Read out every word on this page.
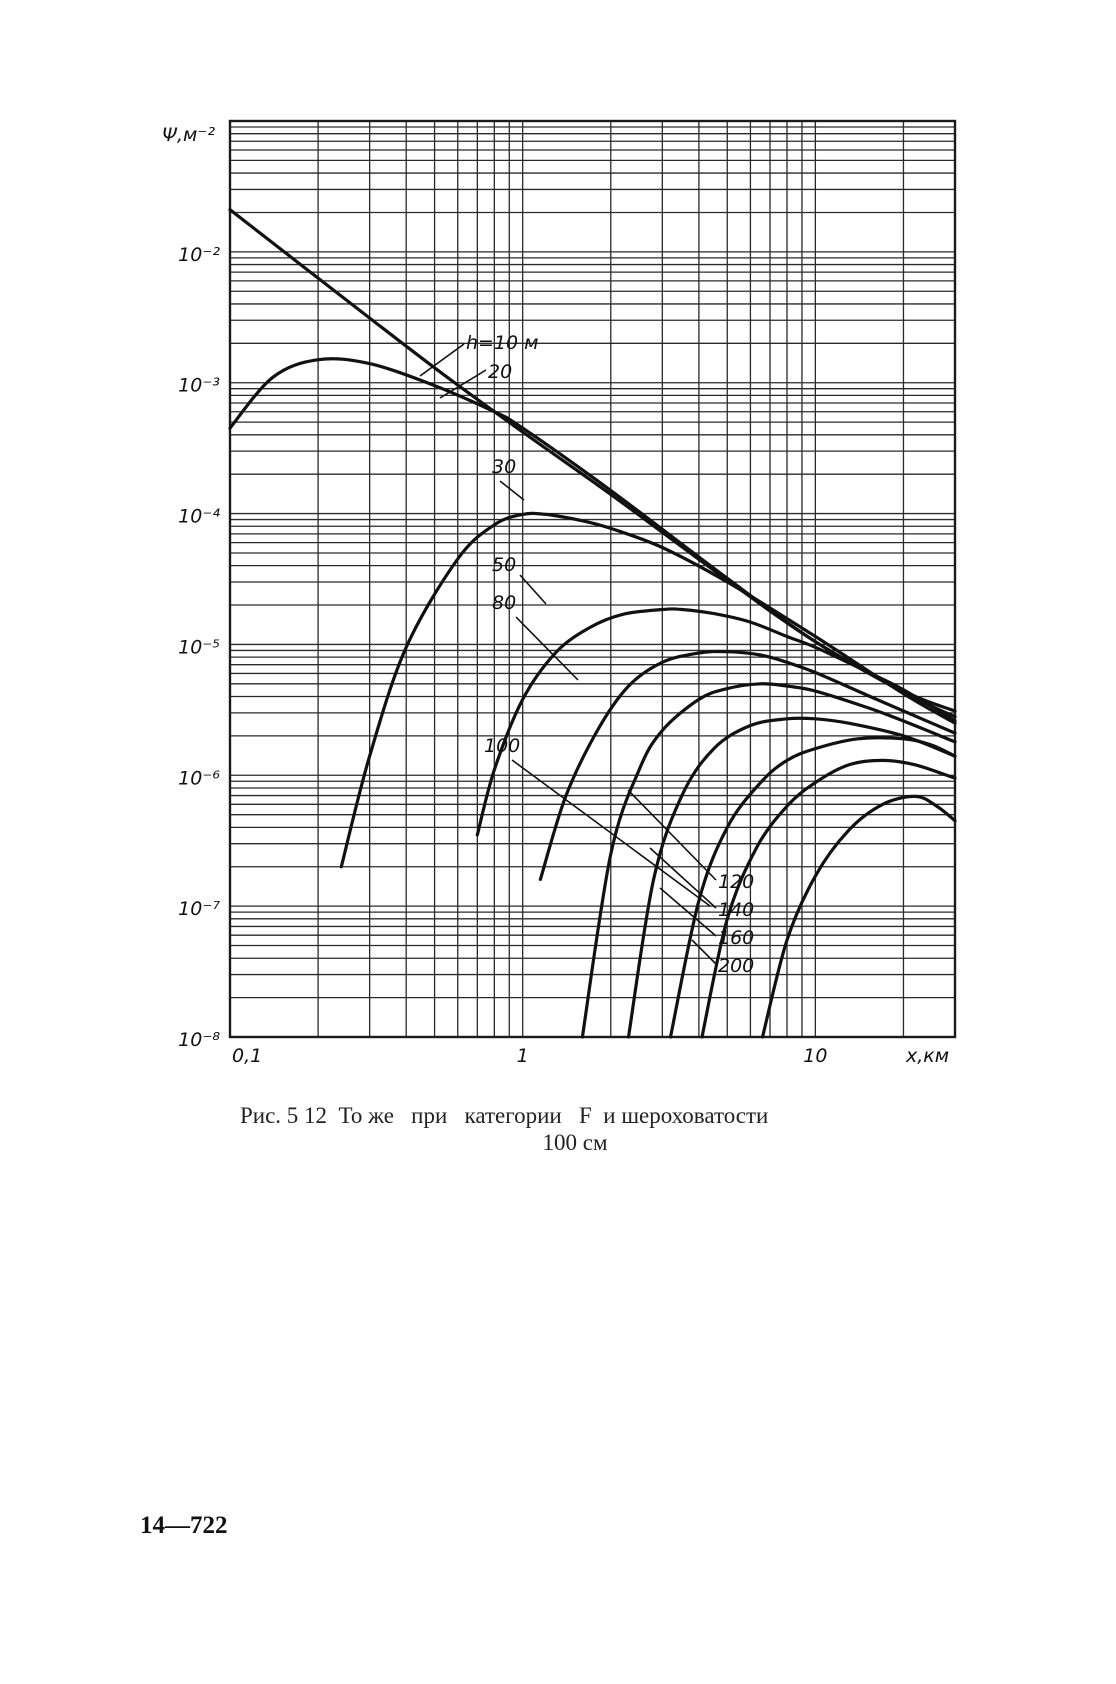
10⁻²
10⁻³
10⁻⁴
10⁻⁵
10⁻⁶
10⁻⁷
10⁻⁸
0,1	1	10
h=10 м
20
30
50
80
100
120
140
160
200
Ψ,м⁻²
x,км
Рис. 5 12  То же   при   категории   F  и шероховатости
100 см
14—722
